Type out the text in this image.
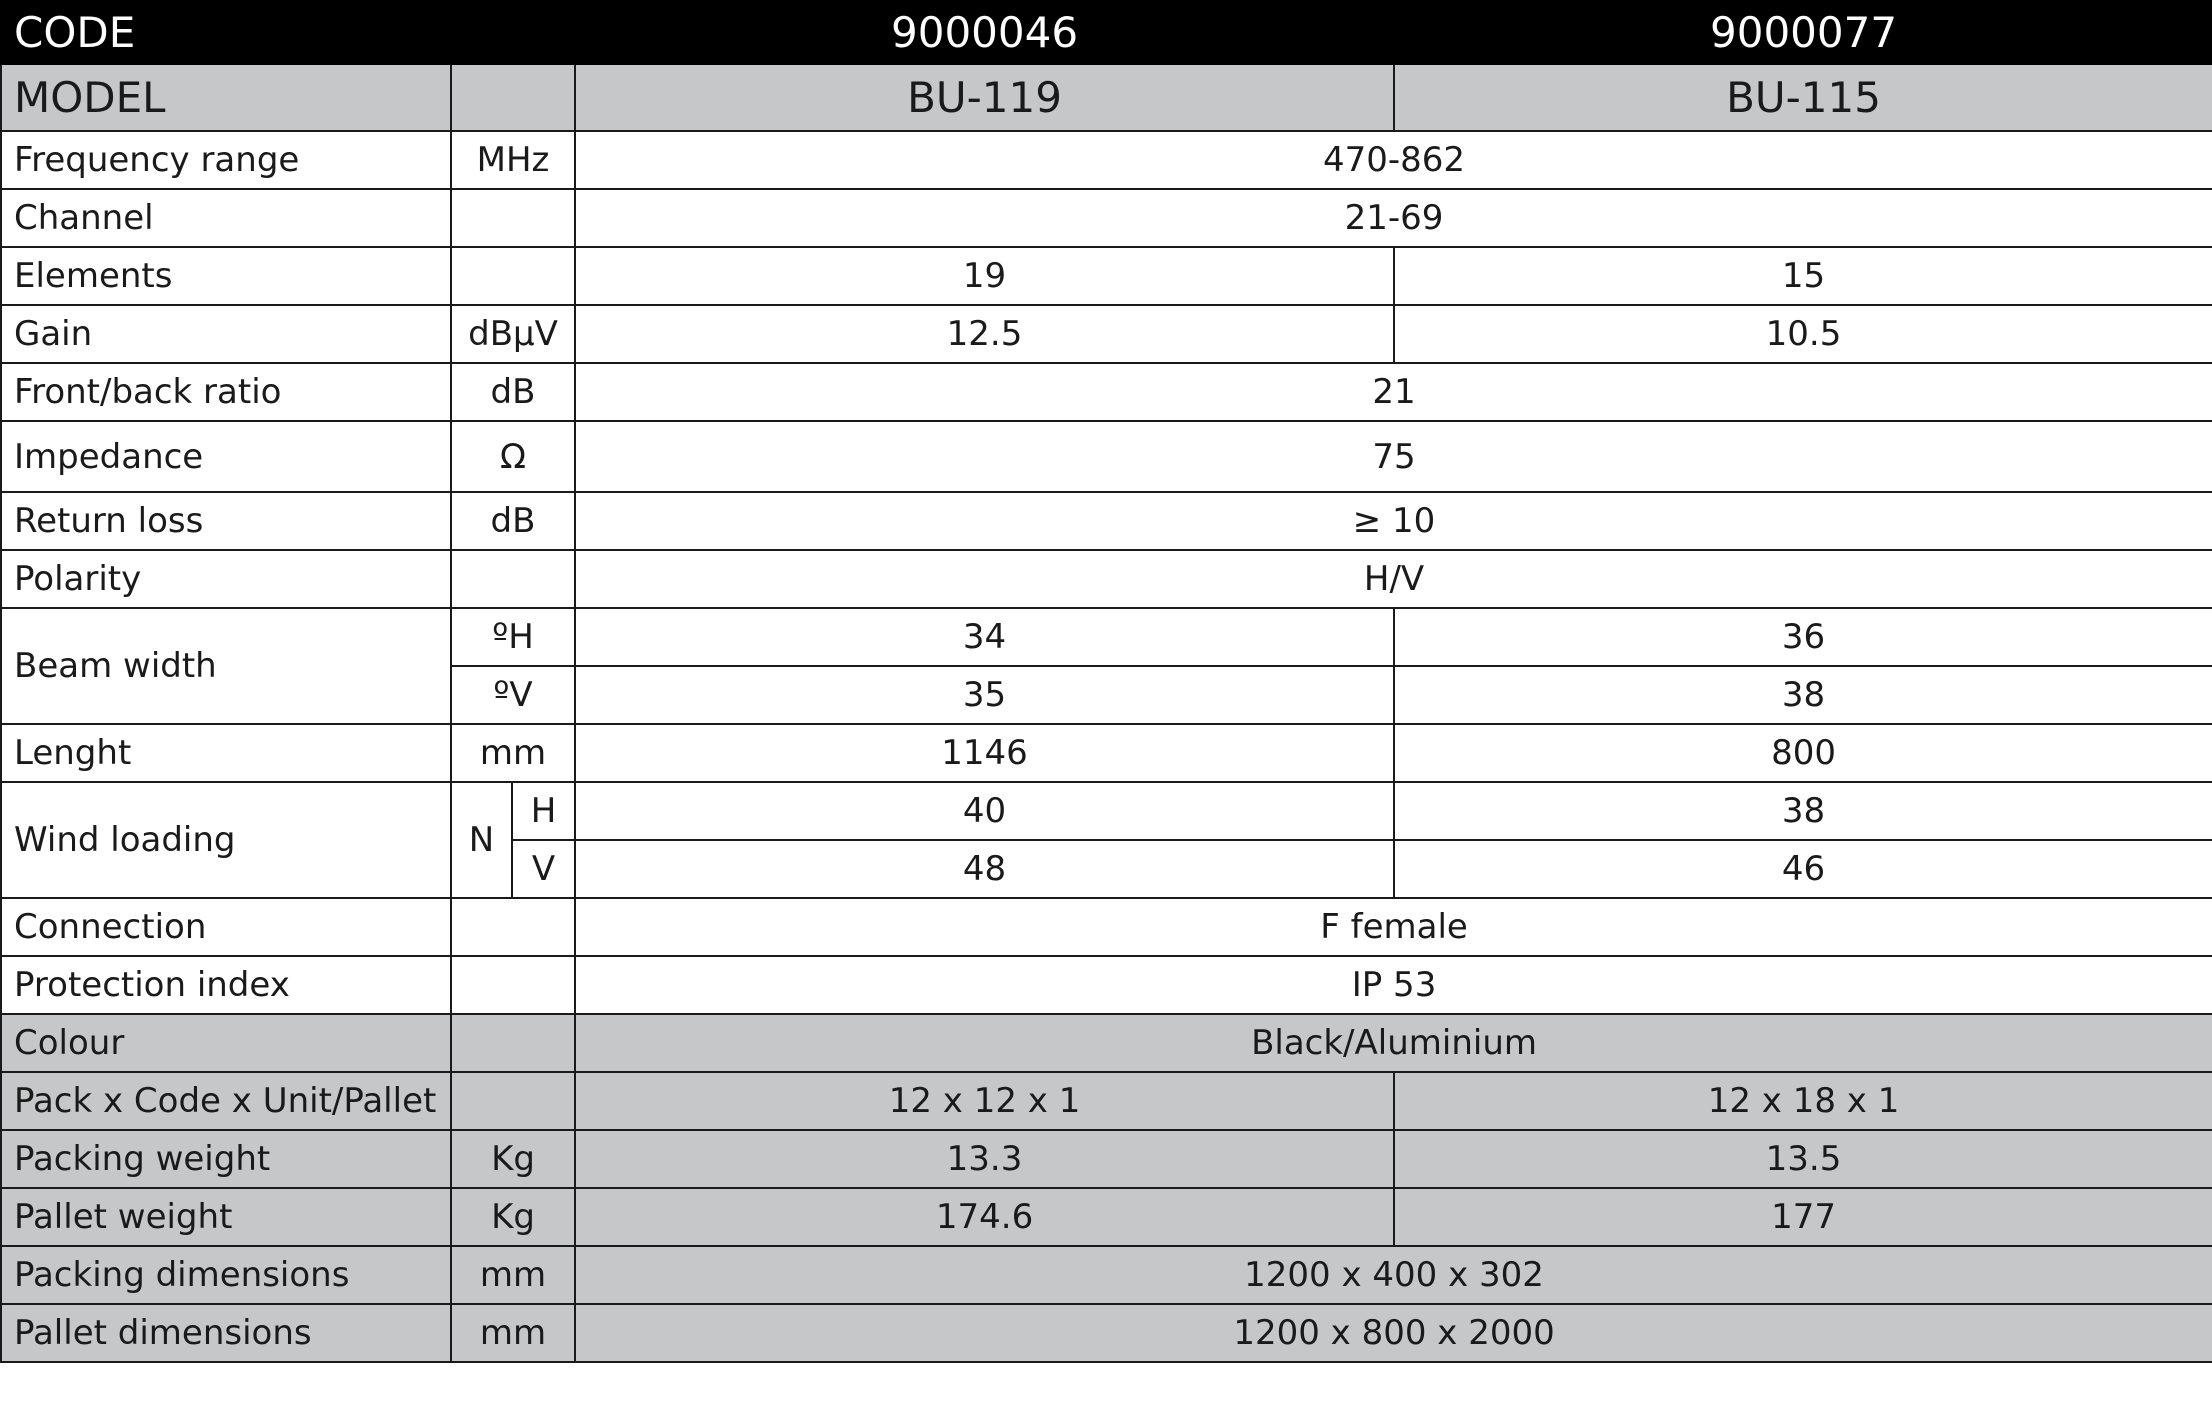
CODE			9000046	9000077
MODEL			BU-119	BU-115
Frequency range	MHz		470-862	
Channel			21-69	
Elements			19	15
Gain	dBµV		12.5	10.5
Front/back ratio	dB		21	
Impedance	Ω		75	
Return loss	dB		≥ 10	
Polarity			H/V	
Beam width	ºH		34	36
	ºV		35	38
Lenght	mm		1146	800
Wind loading	N	H	40	38
		V	48	46
Connection			F female	
Protection index			IP 53	
Colour			Black/Aluminium	
Pack x Code x Unit/Pallet			12 x 12 x 1	12 x 18 x 1
Packing weight	Kg		13.3	13.5
Pallet weight	Kg		174.6	177
Packing dimensions	mm		1200 x 400 x 302	
Pallet dimensions	mm		1200 x 800 x 2000	
